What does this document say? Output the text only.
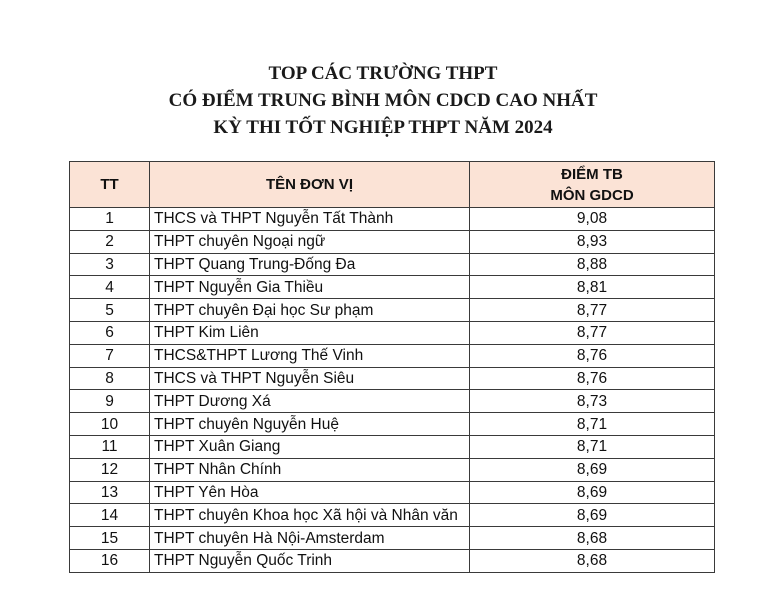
TOP CÁC TRƯỜNG THPT
CÓ ĐIỂM TRUNG BÌNH MÔN CDCD CAO NHẤT
KỲ THI TỐT NGHIỆP THPT NĂM 2024
TT	TÊN ĐƠN VỊ	ĐIỂM TB
MÔN GDCD

1	THCS và THPT Nguyễn Tất Thành	9,08
2	THPT chuyên Ngoại ngữ	8,93
3	THPT Quang Trung-Đống Đa	8,88
4	THPT Nguyễn Gia Thiều	8,81
5	THPT chuyên Đại học Sư phạm	8,77
6	THPT Kim Liên	8,77
7	THCS&THPT Lương Thế Vinh	8,76
8	THCS và THPT Nguyễn Siêu	8,76
9	THPT Dương Xá	8,73
10	THPT chuyên Nguyễn Huệ	8,71
11	THPT Xuân Giang	8,71
12	THPT Nhân Chính	8,69
13	THPT Yên Hòa	8,69
14	THPT chuyên Khoa học Xã hội và Nhân văn	8,69
15	THPT chuyên Hà Nội-Amsterdam	8,68
16	THPT Nguyễn Quốc Trinh	8,68
